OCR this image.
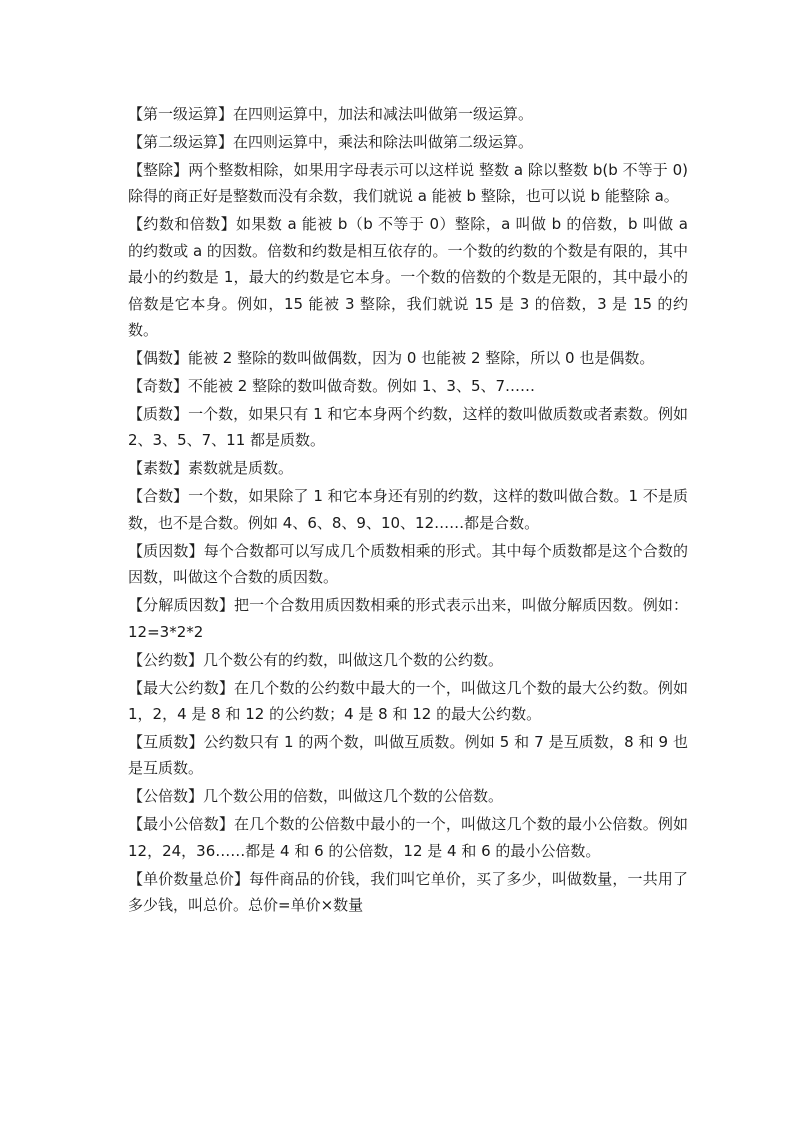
【第一级运算】在四则运算中，加法和减法叫做第一级运算。

【第二级运算】在四则运算中，乘法和除法叫做第二级运算。

【整除】两个整数相除，如果用字母表示可以这样说 整数 a 除以整数 b(b 不等于 0)除得的商正好是整数而没有余数，我们就说 a 能被 b 整除，也可以说 b 能整除 a。

【约数和倍数】如果数 a 能被 b（b 不等于 0）整除，a 叫做 b 的倍数，b 叫做 a 的约数或 a 的因数。倍数和约数是相互依存的。一个数的约数的个数是有限的，其中最小的约数是 1，最大的约数是它本身。一个数的倍数的个数是无限的，其中最小的倍数是它本身。例如，15 能被 3 整除，我们就说 15 是 3 的倍数，3 是 15 的约数。

【偶数】能被 2 整除的数叫做偶数，因为 0 也能被 2 整除，所以 0 也是偶数。

【奇数】不能被 2 整除的数叫做奇数。例如 1、3、5、7……

【质数】一个数，如果只有 1 和它本身两个约数，这样的数叫做质数或者素数。例如 2、3、5、7、11 都是质数。

【素数】素数就是质数。

【合数】一个数，如果除了 1 和它本身还有别的约数，这样的数叫做合数。1 不是质数，也不是合数。例如 4、6、8、9、10、12……都是合数。

【质因数】每个合数都可以写成几个质数相乘的形式。其中每个质数都是这个合数的因数，叫做这个合数的质因数。

【分解质因数】把一个合数用质因数相乘的形式表示出来，叫做分解质因数。例如：12=3*2*2

【公约数】几个数公有的约数，叫做这几个数的公约数。

【最大公约数】在几个数的公约数中最大的一个，叫做这几个数的最大公约数。例如 1，2，4 是 8 和 12 的公约数；4 是 8 和 12 的最大公约数。

【互质数】公约数只有 1 的两个数，叫做互质数。例如 5 和 7 是互质数，8 和 9 也是互质数。

【公倍数】几个数公用的倍数，叫做这几个数的公倍数。

【最小公倍数】在几个数的公倍数中最小的一个，叫做这几个数的最小公倍数。例如 12，24，36……都是 4 和 6 的公倍数，12 是 4 和 6 的最小公倍数。

【单价数量总价】每件商品的价钱，我们叫它单价，买了多少，叫做数量，一共用了多少钱，叫总价。总价=单价×数量
